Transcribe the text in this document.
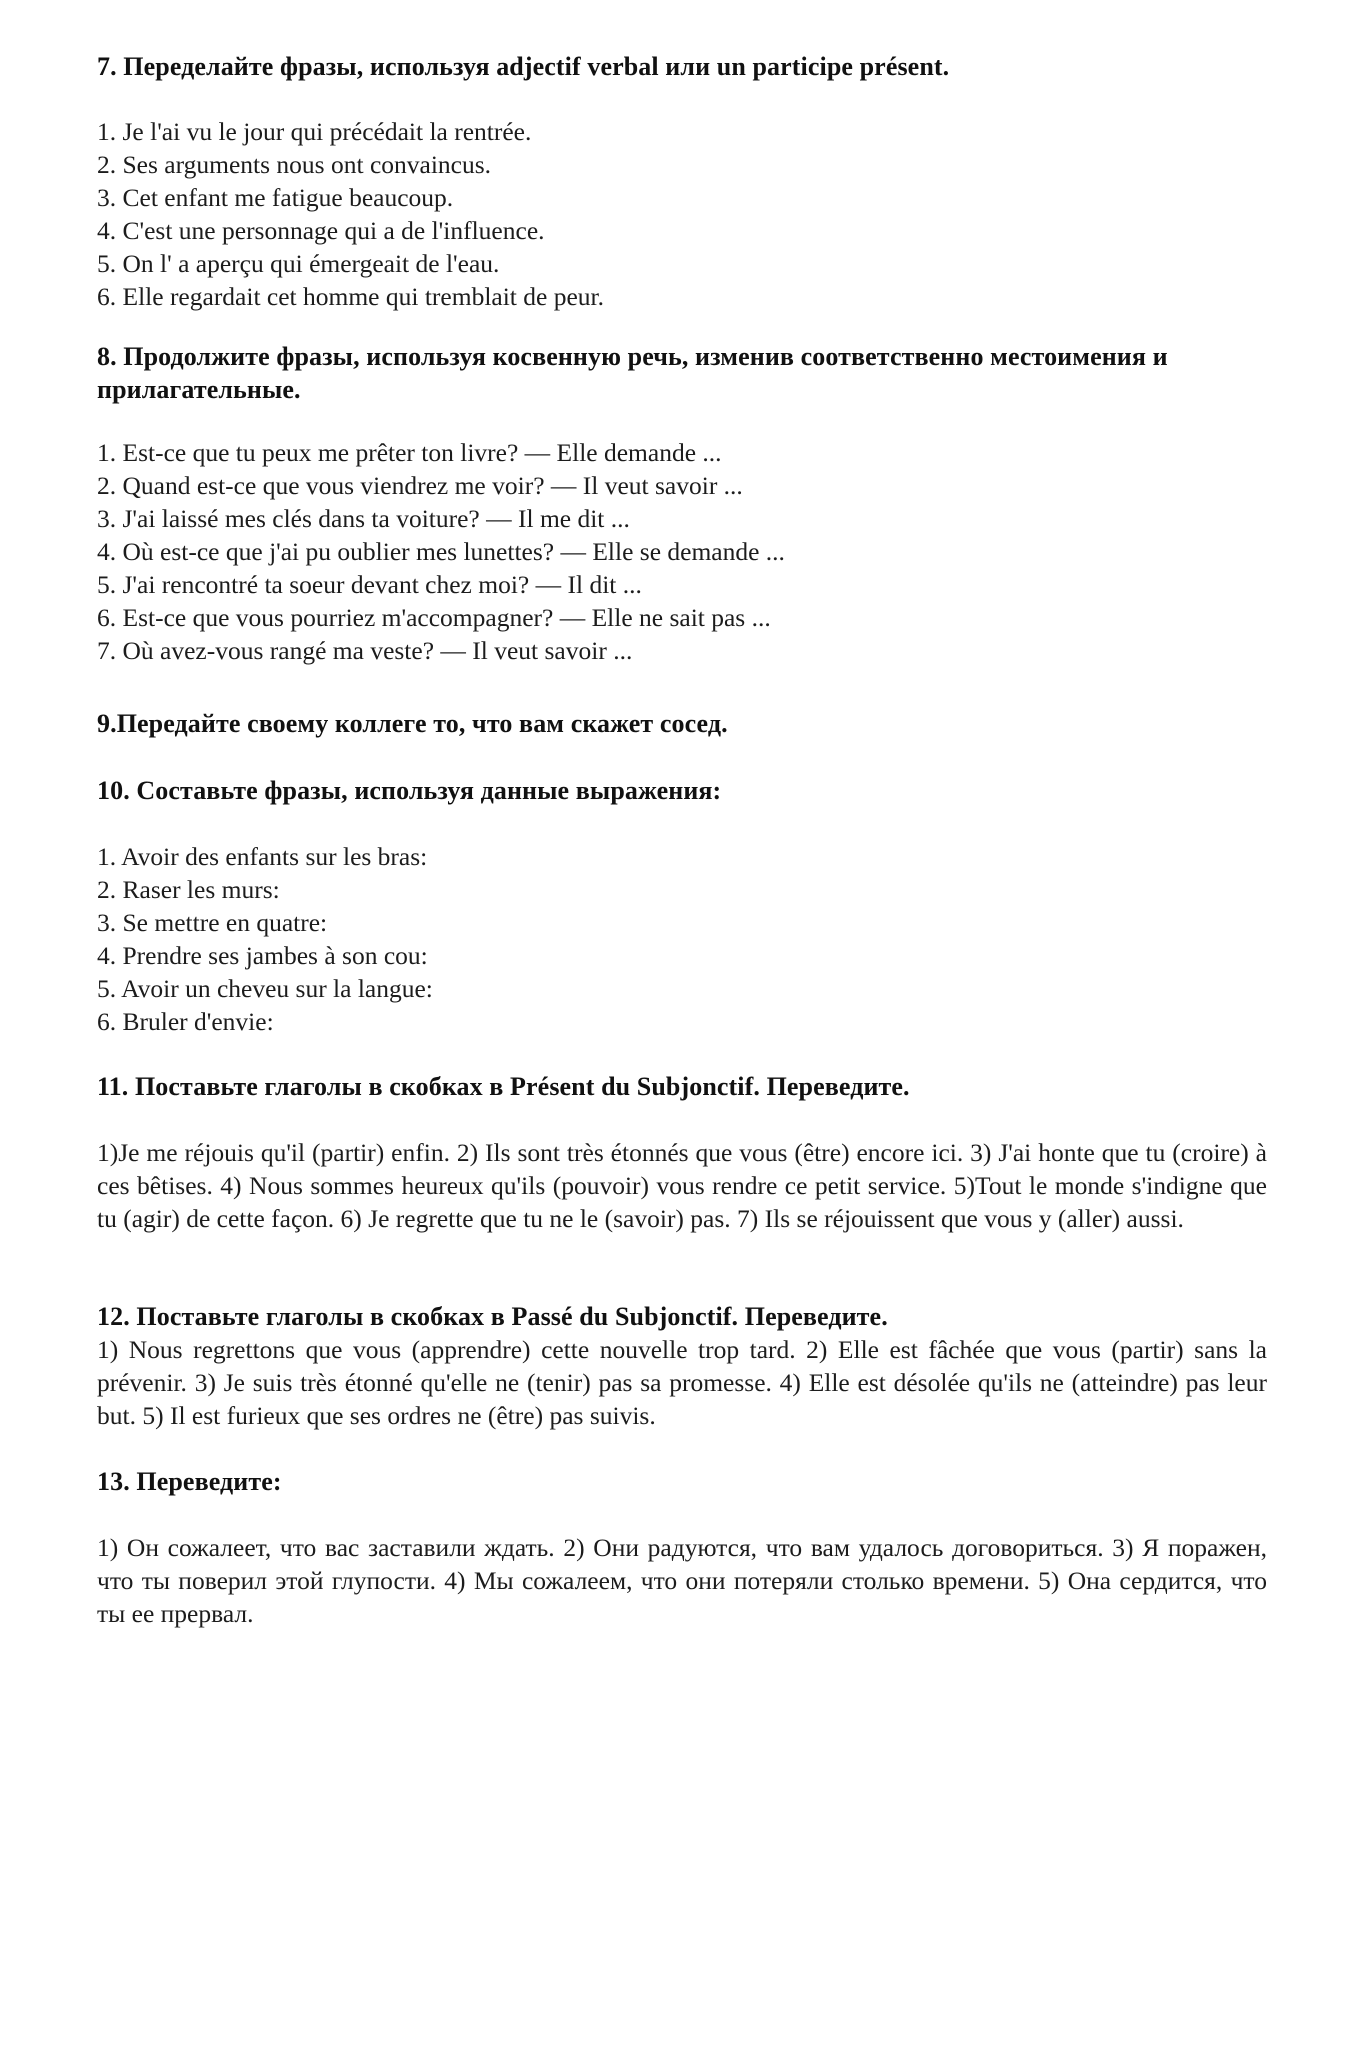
7. Переделайте фразы, используя adjectif verbal или un participe présent.

1. Je l'ai vu le jour qui précédait la rentrée.
2. Ses arguments nous ont convaincus.
3. Cet enfant me fatigue beaucoup.
4. C'est une personnage qui a de l'influence.
5. On l' a aperçu qui émergeait de l'eau.
6. Elle regardait cet homme qui tremblait de peur.

8. Продолжите фразы, используя косвенную речь, изменив соответственно местоимения и прилагательные.

1. Est-ce que tu peux me prêter ton livre? — Elle demande ...
2. Quand est-ce que vous viendrez me voir? — Il veut savoir ...
3. J'ai laissé mes clés dans ta voiture? — Il me dit ...
4. Où est-ce que j'ai pu oublier mes lunettes? — Elle se demande ...
5. J'ai rencontré ta soeur devant chez moi? — Il dit ...
6. Est-ce que vous pourriez m'accompagner? — Elle ne sait pas ...
7. Où avez-vous rangé ma veste? — Il veut savoir ...

9.Передайте своему коллеге то, что вам скажет сосед.

10. Составьте фразы, используя данные выражения:

1. Avoir des enfants sur les bras:
2. Raser les murs:
3. Se mettre en quatre:
4. Prendre ses jambes à son cou:
5. Avoir un cheveu sur la langue:
6. Bruler d'envie:

11. Поставьте глаголы в скобках в Présent du Subjonctif. Переведите.

1)Je me réjouis qu'il (partir) enfin. 2) Ils sont très étonnés que vous (être) encore ici. 3) J'ai honte que tu (croire) à ces bêtises. 4) Nous sommes heureux qu'ils (pouvoir) vous rendre ce petit service. 5)Tout le monde s'indigne que tu (agir) de cette façon. 6) Je regrette que tu ne le (savoir) pas. 7) Ils se réjouissent que vous y (aller) aussi.

12. Поставьте глаголы в скобках в Passé du Subjonctif. Переведите.

1) Nous regrettons que vous (apprendre) cette nouvelle trop tard. 2) Elle est fâchée que vous (partir) sans la prévenir. 3) Je suis très étonné qu'elle ne (tenir) pas sa promesse. 4) Elle est désolée qu'ils ne (atteindre) pas leur but. 5) Il est furieux que ses ordres ne (être) pas suivis.

13. Переведите:

1) Он сожалеет, что вас заставили ждать. 2) Они радуются, что вам удалось договориться. 3) Я поражен, что ты поверил этой глупости. 4) Мы сожалеем, что они потеряли столько времени. 5) Она сердится, что ты ее прервал.
